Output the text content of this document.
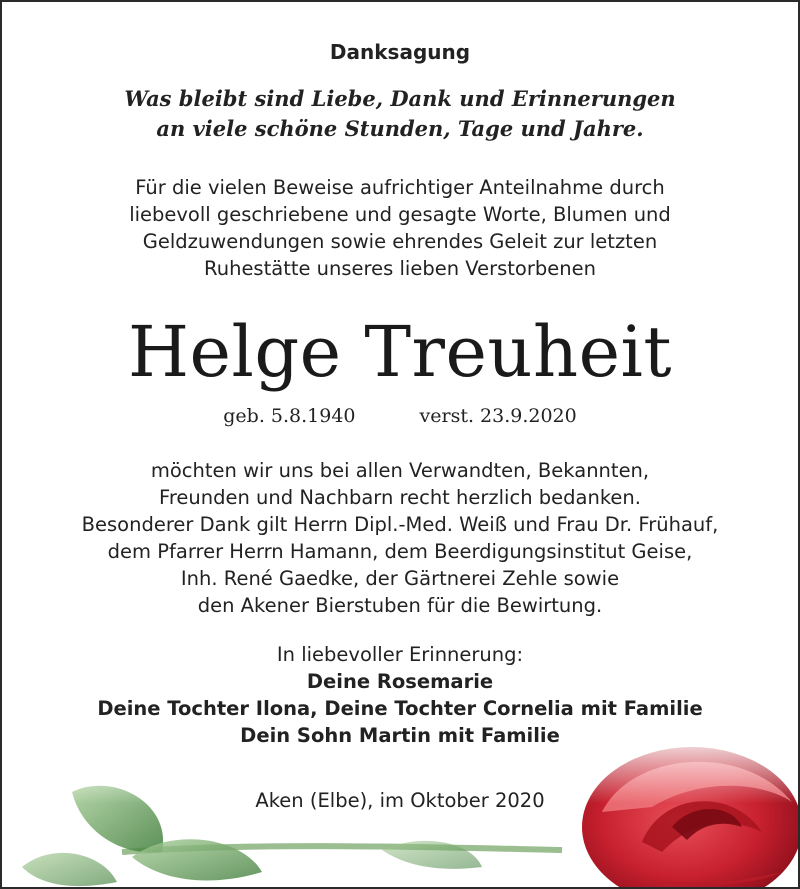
Danksagung
Was bleibt sind Liebe, Dank und Erinnerungen
an viele schöne Stunden, Tage und Jahre.
Für die vielen Beweise aufrichtiger Anteilnahme durch
liebevoll geschriebene und gesagte Worte, Blumen und
Geldzuwendungen sowie ehrendes Geleit zur letzten
Ruhestätte unseres lieben Verstorbenen
Helge Treuheit
geb. 5.8.1940	verst. 23.9.2020
möchten wir uns bei allen Verwandten, Bekannten,
Freunden und Nachbarn recht herzlich bedanken.
Besonderer Dank gilt Herrn Dipl.-Med. Weiß und Frau Dr. Frühauf,
dem Pfarrer Herrn Hamann, dem Beerdigungsinstitut Geise,
Inh. René Gaedke, der Gärtnerei Zehle sowie
den Akener Bierstuben für die Bewirtung.
In liebevoller Erinnerung:
Deine Rosemarie
Deine Tochter Ilona, Deine Tochter Cornelia mit Familie
Dein Sohn Martin mit Familie
Aken (Elbe), im Oktober 2020
